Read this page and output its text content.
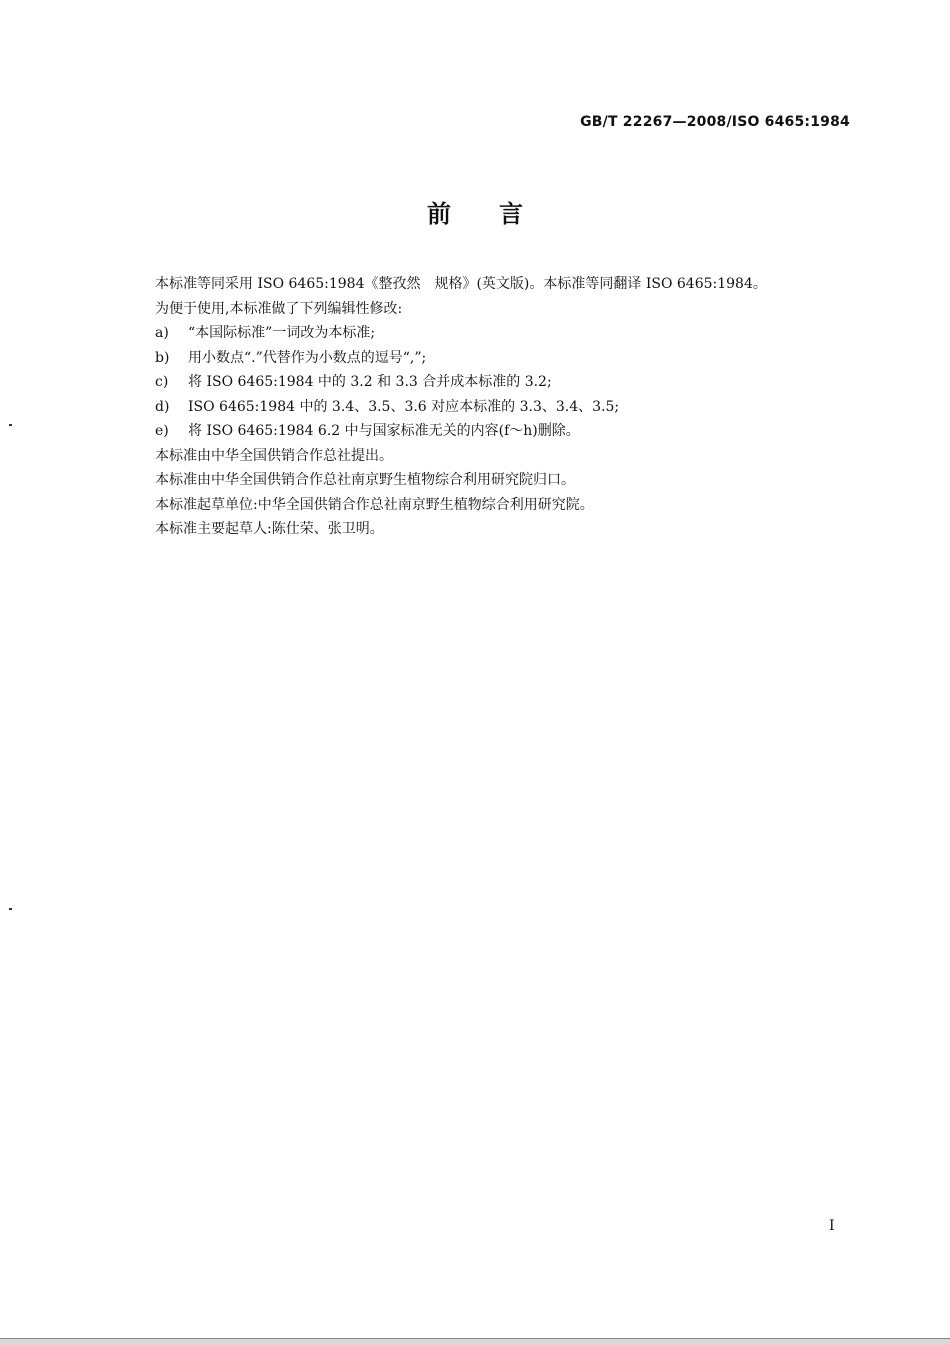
GB/T 22267—2008/ISO 6465:1984
前言
本标准等同采用 ISO 6465:1984《整孜然　规格》(英文版)。本标准等同翻译 ISO 6465:1984。
为便于使用,本标准做了下列编辑性修改:
a) “本国际标准”一词改为本标准;
b) 用小数点“.”代替作为小数点的逗号“,”;
c) 将 ISO 6465:1984 中的 3.2 和 3.3 合并成本标准的 3.2;
d) ISO 6465:1984 中的 3.4、3.5、3.6 对应本标准的 3.3、3.4、3.5;
e) 将 ISO 6465:1984 6.2 中与国家标准无关的内容(f～h)删除。
本标准由中华全国供销合作总社提出。
本标准由中华全国供销合作总社南京野生植物综合利用研究院归口。
本标准起草单位:中华全国供销合作总社南京野生植物综合利用研究院。
本标准主要起草人:陈仕荣、张卫明。
I
